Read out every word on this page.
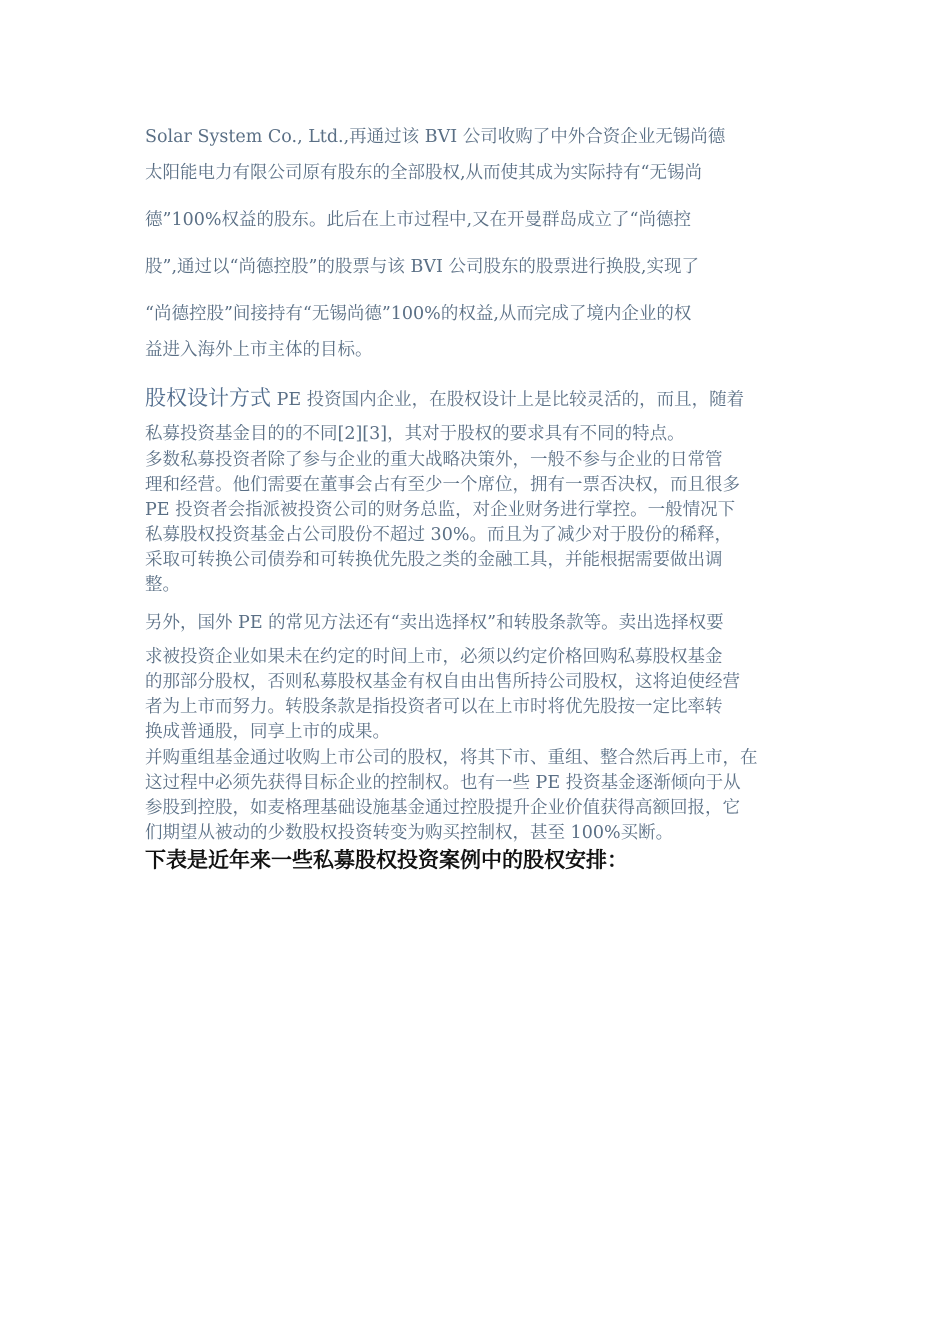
Solar System Co., Ltd.,再通过该 BVI 公司收购了中外合资企业无锡尚德
太阳能电力有限公司原有股东的全部股权,从而使其成为实际持有“无锡尚
德”100%权益的股东。此后在上市过程中,又在开曼群岛成立了“尚德控
股”,通过以“尚德控股”的股票与该 BVI 公司股东的股票进行换股,实现了
“尚德控股”间接持有“无锡尚德”100%的权益,从而完成了境内企业的权
益进入海外上市主体的目标。

股权设计方式 PE 投资国内企业，在股权设计上是比较灵活的，而且，随着
私募投资基金目的的不同[2][3]，其对于股权的要求具有不同的特点。

多数私募投资者除了参与企业的重大战略决策外，一般不参与企业的日常管
理和经营。他们需要在董事会占有至少一个席位，拥有一票否决权，而且很多
PE 投资者会指派被投资公司的财务总监，对企业财务进行掌控。一般情况下
私募股权投资基金占公司股份不超过 30%。而且为了减少对于股份的稀释，
采取可转换公司债券和可转换优先股之类的金融工具，并能根据需要做出调
整。

另外，国外 PE 的常见方法还有“卖出选择权”和转股条款等。卖出选择权要
求被投资企业如果未在约定的时间上市，必须以约定价格回购私募股权基金
的那部分股权，否则私募股权基金有权自由出售所持公司股权，这将迫使经营
者为上市而努力。转股条款是指投资者可以在上市时将优先股按一定比率转
换成普通股，同享上市的成果。

并购重组基金通过收购上市公司的股权，将其下市、重组、整合然后再上市，在
这过程中必须先获得目标企业的控制权。也有一些 PE 投资基金逐渐倾向于从
参股到控股，如麦格理基础设施基金通过控股提升企业价值获得高额回报，它
们期望从被动的少数股权投资转变为购买控制权，甚至 100%买断。

下表是近年来一些私募股权投资案例中的股权安排：
